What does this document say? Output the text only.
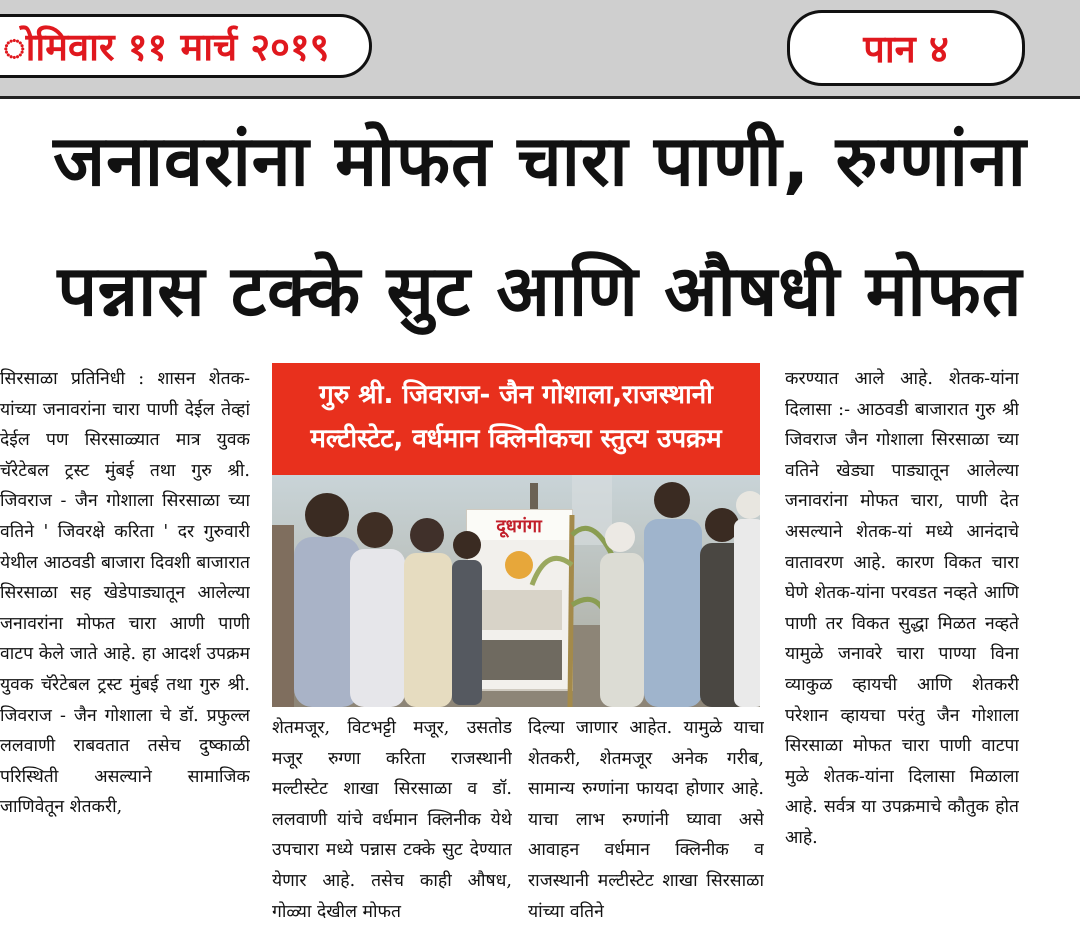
ोमिवार ११ मार्च २०१९	पान ४
जनावरांना मोफत चारा पाणी, रुग्णांना
पन्नास टक्के सुट आणि औषधी मोफत

सिरसाळा प्रतिनिधी : शासन शेतक-यांच्या जनावरांना चारा पाणी देईल तेव्हां देईल पण सिरसाळ्यात मात्र युवक चॅरेटेबल ट्रस्ट मुंबई तथा गुरु श्री. जिवराज - जैन गोशाला सिरसाळा च्या वतिने ' जिवरक्षे करिता ' दर गुरुवारी येथील आठवडी बाजारा दिवशी बाजारात सिरसाळा सह खेडेपाड्यातून आलेल्या जनावरांना मोफत चारा आणी पाणी वाटप केले जाते आहे. हा आदर्श उपक्रम युवक चॅरेटेबल ट्रस्ट मुंबई तथा गुरु श्री. जिवराज - जैन गोशाला चे डॉ. प्रफुल्ल ललवाणी राबवतात तसेच दुष्काळी परिस्थिती असल्याने सामाजिक जाणिवेतून शेतकरी,

गुरु श्री. जिवराज- जैन गोशाला,राजस्थानी
मल्टीस्टेट, वर्धमान क्लिनीकचा स्तुत्य उपक्रम
दूधगंगा

शेतमजूर, विटभट्टी मजूर, उसतोड मजूर रुग्णा करिता राजस्थानी मल्टीस्टेट शाखा सिरसाळा व डॉ. ललवाणी यांचे वर्धमान क्लिनीक येथे उपचारा मध्ये पन्नास टक्के सुट देण्यात येणार आहे. तसेच काही औषध, गोळ्या देखील मोफत

दिल्या जाणार आहेत. यामुळे याचा शेतकरी, शेतमजूर अनेक गरीब, सामान्य रुग्णांना फायदा होणार आहे. याचा लाभ रुग्णांनी घ्यावा असे आवाहन वर्धमान क्लिनीक व राजस्थानी मल्टीस्टेट शाखा सिरसाळा यांच्या वतिने

करण्यात आले आहे. शेतक-यांना दिलासा :- आठवडी बाजारात गुरु श्री जिवराज जैन गोशाला सिरसाळा च्या वतिने खेड्या पाड्यातून आलेल्या जनावरांना मोफत चारा, पाणी देत असल्याने शेतक-यां मध्ये आनंदाचे वातावरण आहे. कारण विकत चारा घेणे शेतक-यांना परवडत नव्हते आणि पाणी तर विकत सुद्धा मिळत नव्हते यामुळे जनावरे चारा पाण्या विना व्याकुळ व्हायची आणि शेतकरी परेशान व्हायचा परंतु जैन गोशाला सिरसाळा मोफत चारा पाणी वाटपा मुळे शेतक-यांना दिलासा मिळाला आहे. सर्वत्र या उपक्रमाचे कौतुक होत आहे.
